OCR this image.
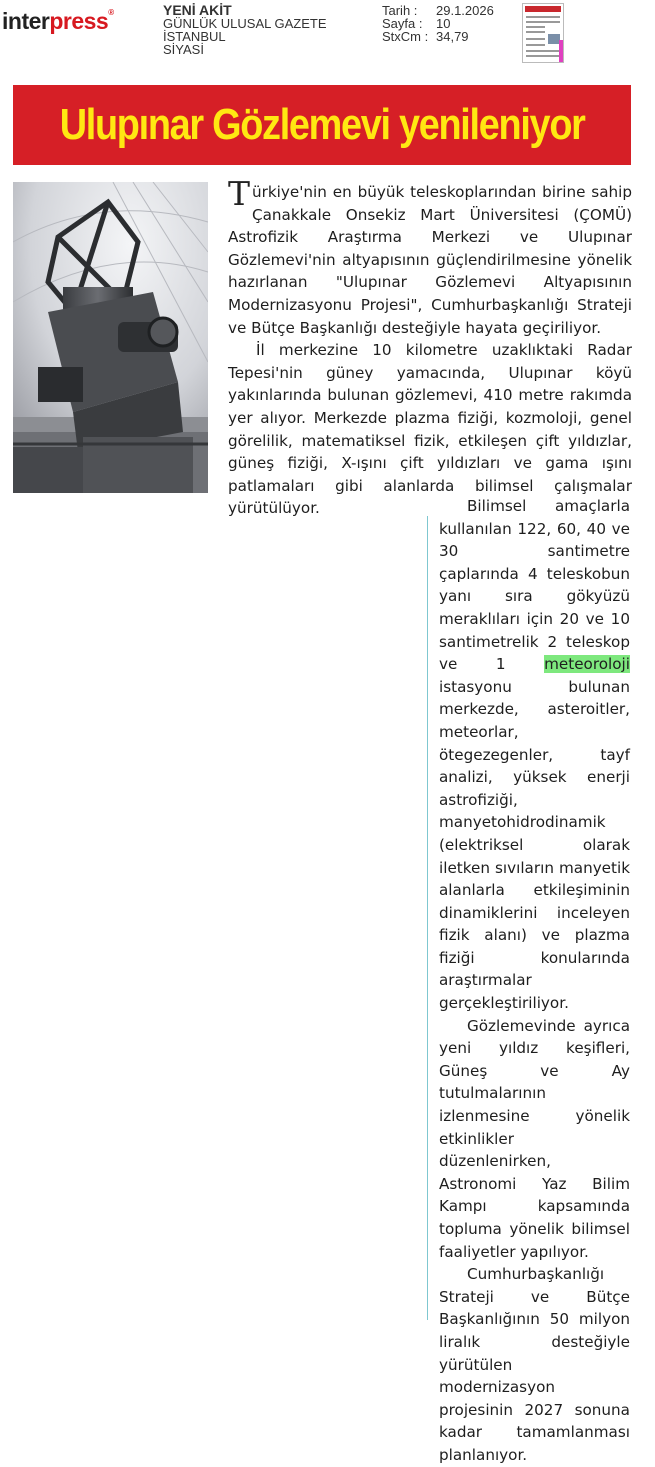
interpress®	YENİ AKİT
GÜNLÜK ULUSAL GAZETE
İSTANBUL
SİYASİ
Tarih :	29.1.2026
Sayfa :	10
StxCm : 34,79
Ulupınar Gözlemevi yenileniyor

Türkiye'nin en büyük teleskoplarından birine sahip Çanakkale Onsekiz Mart Üniversitesi (ÇOMÜ) Astrofizik Araştırma Merkezi ve Ulupınar Gözlemevi'nin altyapısının güçlendirilmesine yönelik hazırlanan "Ulupınar Gözlemevi Altyapısının Modernizasyonu Projesi", Cumhurbaşkanlığı Strateji ve Bütçe Başkanlığı desteğiyle hayata geçiriliyor.

İl merkezine 10 kilometre uzaklıktaki Radar Tepesi'nin güney yamacında, Ulupınar köyü yakınlarında bulunan gözlemevi, 410 metre rakımda yer alıyor. Merkezde plazma fiziği, kozmoloji, genel görelilik, matematiksel fizik, etkileşen çift yıldızlar, güneş fiziği, X-ışını çift yıldızları ve gama ışını patlamaları gibi alanlarda bilimsel çalışmalar yürütülüyor.	Bilimsel amaçlarla kullanılan 122, 60, 40 ve 30 santimetre çaplarında 4 teleskobun yanı sıra gökyüzü meraklıları için 20 ve 10 santimetrelik 2 teleskop ve 1 meteoroloji istasyonu bulunan merkezde, asteroitler, meteorlar, ötegezegenler, tayf analizi, yüksek enerji astrofiziği, manyetohidrodinamik (elektriksel olarak iletken sıvıların manyetik alanlarla etkileşiminin dinamiklerini inceleyen fizik alanı) ve plazma fiziği konularında araştırmalar gerçekleştiriliyor.

Gözlemevinde ayrıca yeni yıldız keşifleri, Güneş ve Ay tutulmalarının izlenmesine yönelik etkinlikler düzenlenirken, Astronomi Yaz Bilim Kampı kapsamında topluma yönelik bilimsel faaliyetler yapılıyor.

Cumhurbaşkanlığı Strateji ve Bütçe Başkanlığının 50 milyon liralık desteğiyle yürütülen modernizasyon projesinin 2027 sonuna kadar tamamlanması planlanıyor.
